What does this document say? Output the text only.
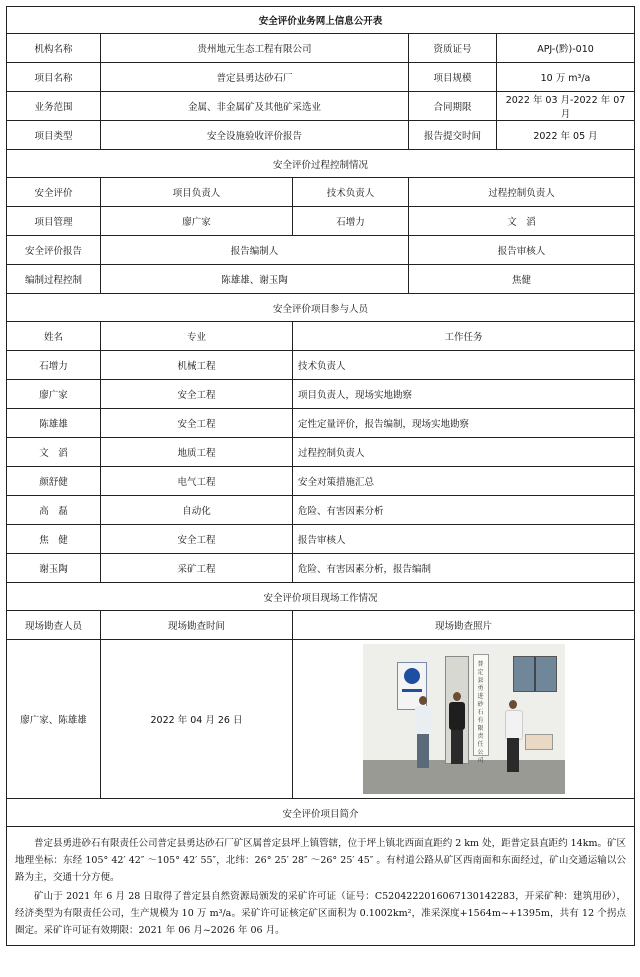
安全评价业务网上信息公开表				
机构名称	贵州地元生态工程有限公司		资质证号	APJ-(黔)-010
项目名称	普定县勇达砂石厂		项目规模	10 万 m³/a
业务范围	金属、非金属矿及其他矿采选业		合同期限	2022 年 03 月-2022 年 07 月
项目类型	安全设施验收评价报告		报告提交时间	2022 年 05 月
安全评价过程控制情况				
安全评价	项目负责人	技术负责人	过程控制负责人	
项目管理	廖广家	石增力	文　滔	
安全评价报告	报告编制人		报告审核人	
编制过程控制	陈雄雄、谢玉陶		焦健	
安全评价项目参与人员				
姓名	专业	工作任务		
石增力	机械工程	技术负责人		
廖广家	安全工程	项目负责人，现场实地勘察		
陈雄雄	安全工程	定性定量评价，报告编制，现场实地勘察		
文　滔	地质工程	过程控制负责人		
颜舒健	电气工程	安全对策措施汇总		
高　磊	自动化	危险、有害因素分析		
焦　健	安全工程	报告审核人		
谢玉陶	采矿工程	危险、有害因素分析，报告编制		
安全评价项目现场工作情况				
现场勘查人员	现场勘查时间	现场勘查照片		
廖广家、陈雄雄	2022 年 04 月 26 日	普定县勇进砂石有限责任公司		

安全评价项目简介				

普定县勇进砂石有限责任公司普定县勇达砂石厂矿区属普定县坪上镇管辖，位于坪上镇北西面直距约 2 km 处，距普定县直距约 14km。矿区地理坐标：东经 105° 42′ 42″ ～105° 42′ 55″，北纬：26° 25′ 28″ ～26° 25′ 45″ 。有村道公路从矿区西南面和东面经过，矿山交通运输以公路为主，交通十分方便。

矿山于 2021 年 6 月 28 日取得了普定县自然资源局颁发的采矿许可证（证号：C5204222016067130142283，开采矿种：建筑用砂），经济类型为有限责任公司，生产规模为 10 万 m³/a。采矿许可证核定矿区面积为 0.1002km²，准采深度+1564m~+1395m，共有 12 个拐点圈定。采矿许可证有效期限：2021 年 06 月~2026 年 06 月。				
